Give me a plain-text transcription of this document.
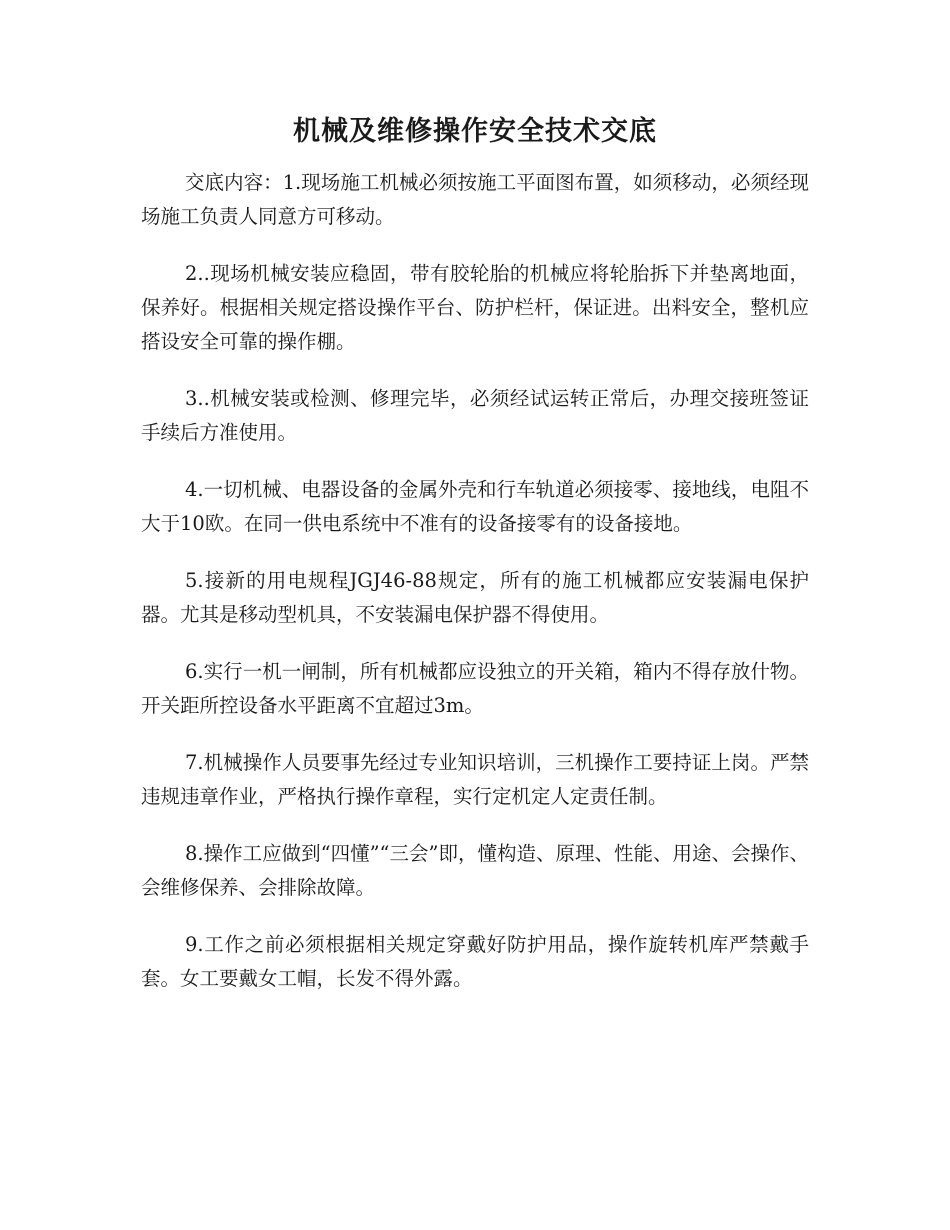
机械及维修操作安全技术交底

交底内容：1.现场施工机械必须按施工平面图布置，如须移动，必须经现场施工负责人同意方可移动。

2..现场机械安装应稳固，带有胶轮胎的机械应将轮胎拆下并垫离地面，保养好。根据相关规定搭设操作平台、防护栏杆，保证进。出料安全，整机应搭设安全可靠的操作棚。

3..机械安装或检测、修理完毕，必须经试运转正常后，办理交接班签证手续后方准使用。

4.一切机械、电器设备的金属外壳和行车轨道必须接零、接地线，电阻不大于10欧。在同一供电系统中不准有的设备接零有的设备接地。

5.接新的用电规程JGJ46-88规定，所有的施工机械都应安装漏电保护器。尤其是移动型机具，不安装漏电保护器不得使用。

6.实行一机一闸制，所有机械都应设独立的开关箱，箱内不得存放什物。开关距所控设备水平距离不宜超过3m。

7.机械操作人员要事先经过专业知识培训，三机操作工要持证上岗。严禁违规违章作业，严格执行操作章程，实行定机定人定责任制。

8.操作工应做到“四懂”“三会”即，懂构造、原理、性能、用途、会操作、会维修保养、会排除故障。

9.工作之前必须根据相关规定穿戴好防护用品，操作旋转机库严禁戴手套。女工要戴女工帽，长发不得外露。
